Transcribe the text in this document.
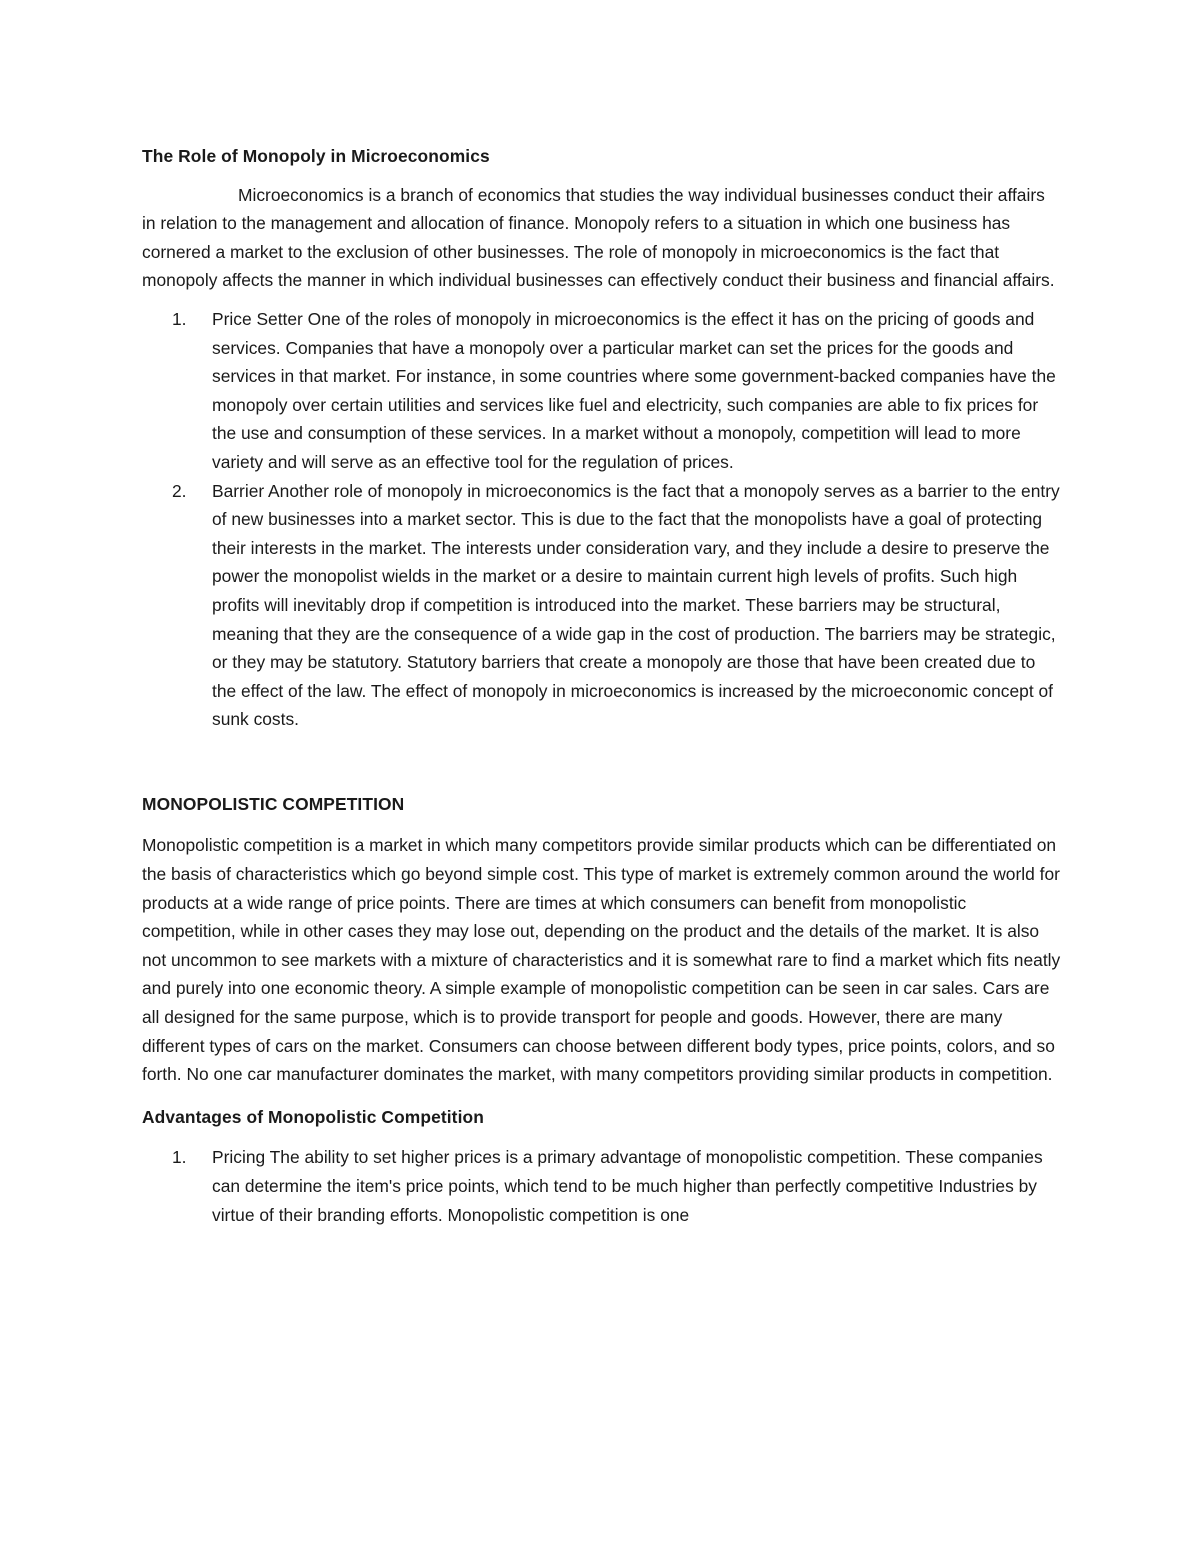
The Role of Monopoly in Microeconomics

Microeconomics is a branch of economics that studies the way individual businesses conduct their affairs in relation to the management and allocation of finance. Monopoly refers to a situation in which one business has cornered a market to the exclusion of other businesses. The role of monopoly in microeconomics is the fact that monopoly affects the manner in which individual businesses can effectively conduct their business and financial affairs.

1. Price Setter One of the roles of monopoly in microeconomics is the effect it has on the pricing of goods and services. Companies that have a monopoly over a particular market can set the prices for the goods and services in that market. For instance, in some countries where some government-backed companies have the monopoly over certain utilities and services like fuel and electricity, such companies are able to fix prices for the use and consumption of these services. In a market without a monopoly, competition will lead to more variety and will serve as an effective tool for the regulation of prices.
2. Barrier Another role of monopoly in microeconomics is the fact that a monopoly serves as a barrier to the entry of new businesses into a market sector. This is due to the fact that the monopolists have a goal of protecting their interests in the market. The interests under consideration vary, and they include a desire to preserve the power the monopolist wields in the market or a desire to maintain current high levels of profits. Such high profits will inevitably drop if competition is introduced into the market. These barriers may be structural, meaning that they are the consequence of a wide gap in the cost of production. The barriers may be strategic, or they may be statutory. Statutory barriers that create a monopoly are those that have been created due to the effect of the law. The effect of monopoly in microeconomics is increased by the microeconomic concept of sunk costs.

MONOPOLISTIC COMPETITION

Monopolistic competition is a market in which many competitors provide similar products which can be differentiated on the basis of characteristics which go beyond simple cost. This type of market is extremely common around the world for products at a wide range of price points. There are times at which consumers can benefit from monopolistic competition, while in other cases they may lose out, depending on the product and the details of the market. It is also not uncommon to see markets with a mixture of characteristics and it is somewhat rare to find a market which fits neatly and purely into one economic theory. A simple example of monopolistic competition can be seen in car sales. Cars are all designed for the same purpose, which is to provide transport for people and goods. However, there are many different types of cars on the market. Consumers can choose between different body types, price points, colors, and so forth. No one car manufacturer dominates the market, with many competitors providing similar products in competition.

Advantages of Monopolistic Competition

1. Pricing The ability to set higher prices is a primary advantage of monopolistic competition. These companies can determine the item's price points, which tend to be much higher than perfectly competitive Industries by virtue of their branding efforts. Monopolistic competition is one
